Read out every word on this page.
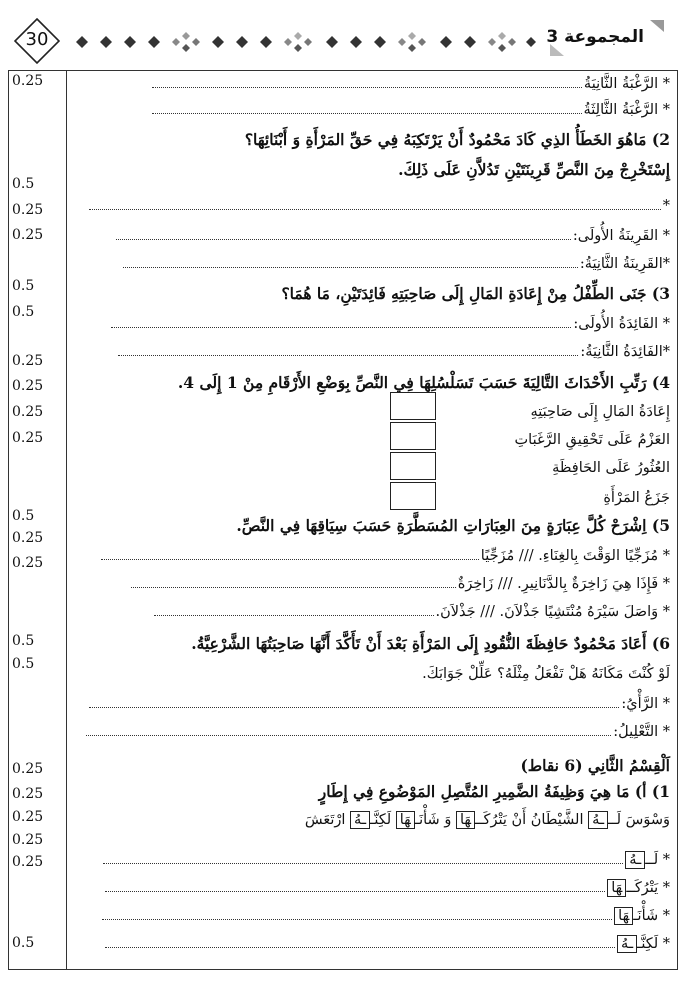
30	المجموعة 3
0.25
0.5
0.25
0.25
0.5
0.5
0.25
0.25
0.25
0.25
0.5
0.25
0.25
0.5
0.5
0.25
0.25
0.25
0.25
0.25
0.5
* الرَّغْبَةُ الثَّانِيَةُ
* الرَّغْبَةُ الثَّالِثَةُ
2) مَاهُوَ الخَطَأُ الذِي كَادَ مَحْمُودٌ أَنْ يَرْتَكِبَهُ فِي حَقِّ المَرْأَةِ وَ أَبْنَائِهَا؟
إِسْتَخْرِجْ مِنَ النَّصِّ قَرِينَتَيْنِ تَدُلاَّنِ عَلَى ذَلِكَ.
*
* القَرِينَةُ الأُولَى:
*القَرِينَةُ الثَّانِيَةُ:
3) جَنَى الطِّفْلُ مِنْ إِعَادَةِ المَالِ إِلَى صَاحِبَتِهِ فَائِدَتَيْنِ، مَا هُمَا؟
* الفَائِدَةُ الأُولَى:
*الفَائِدَةُ الثَّانِيَةُ:
4) رَتِّبِ الأَحْدَاثَ التَّالِيَةَ حَسَبَ تَسَلْسُلِهَا فِي النَّصِّ بِوَضْعِ الأَرْقَامِ مِنْ 1 إِلَى 4.
إِعَادَةُ المَالِ إِلَى صَاحِبَتِهِ
العَزْمُ عَلَى تَحْقِيقِ الرَّغَبَاتِ
العُثُورُ عَلَى الحَافِظَةِ
جَزَعُ المَرْأَةِ
5) اِشْرَحْ كُلَّ عِبَارَةٍ مِنَ العِبَارَاتِ المُسَطَّرَةِ حَسَبَ سِيَاقِهَا فِي النَّصِّ.
* مُزَجِّيًا الوَقْتَ بِالغِنَاءِ. /// مُزَجِّيًا
* فَإِذَا هِيَ زَاخِرَةٌ بِالدَّنَانِيرِ. /// زَاخِرَةٌ
* وَاصَلَ سَيْرَهُ مُنْتَشِيًا جَذْلاَنَ. /// جَذْلاَنَ.
6) أَعَادَ مَحْمُودٌ حَافِظَةَ النُّقُودِ إِلَى المَرْأَةِ بَعْدَ أَنْ تَأَكَّدَ أَنَّهَا صَاحِبَتُهَا الشَّرْعِيَّةُ.
لَوْ كُنْتَ مَكَانَهُ هَلْ تَفْعَلُ مِثْلَهُ؟ عَلِّلْ جَوَابَكَ.
* الرَّأْيُ:
* التَّعْلِيلُ:
اَلْقِسْمُ الثَّانِي (6 نقاط)
1) أ) مَا هِيَ وَظِيفَةُ الضَّمِيرِ المُتَّصِلِ المَوْضُوعِ فِي إِطَارٍ
وَسْوَسَ لَـــهُ الشَّيْطَانُ أَنْ يَتْرُكَــهَا وَ شَأْنَـهَا لَكِنَّــهُ ارْتَعَشَ
* لَـــهُ
* يَتْرُكَــهَا
* شَأْنَـهَا
* لَكِنَّــهُ
